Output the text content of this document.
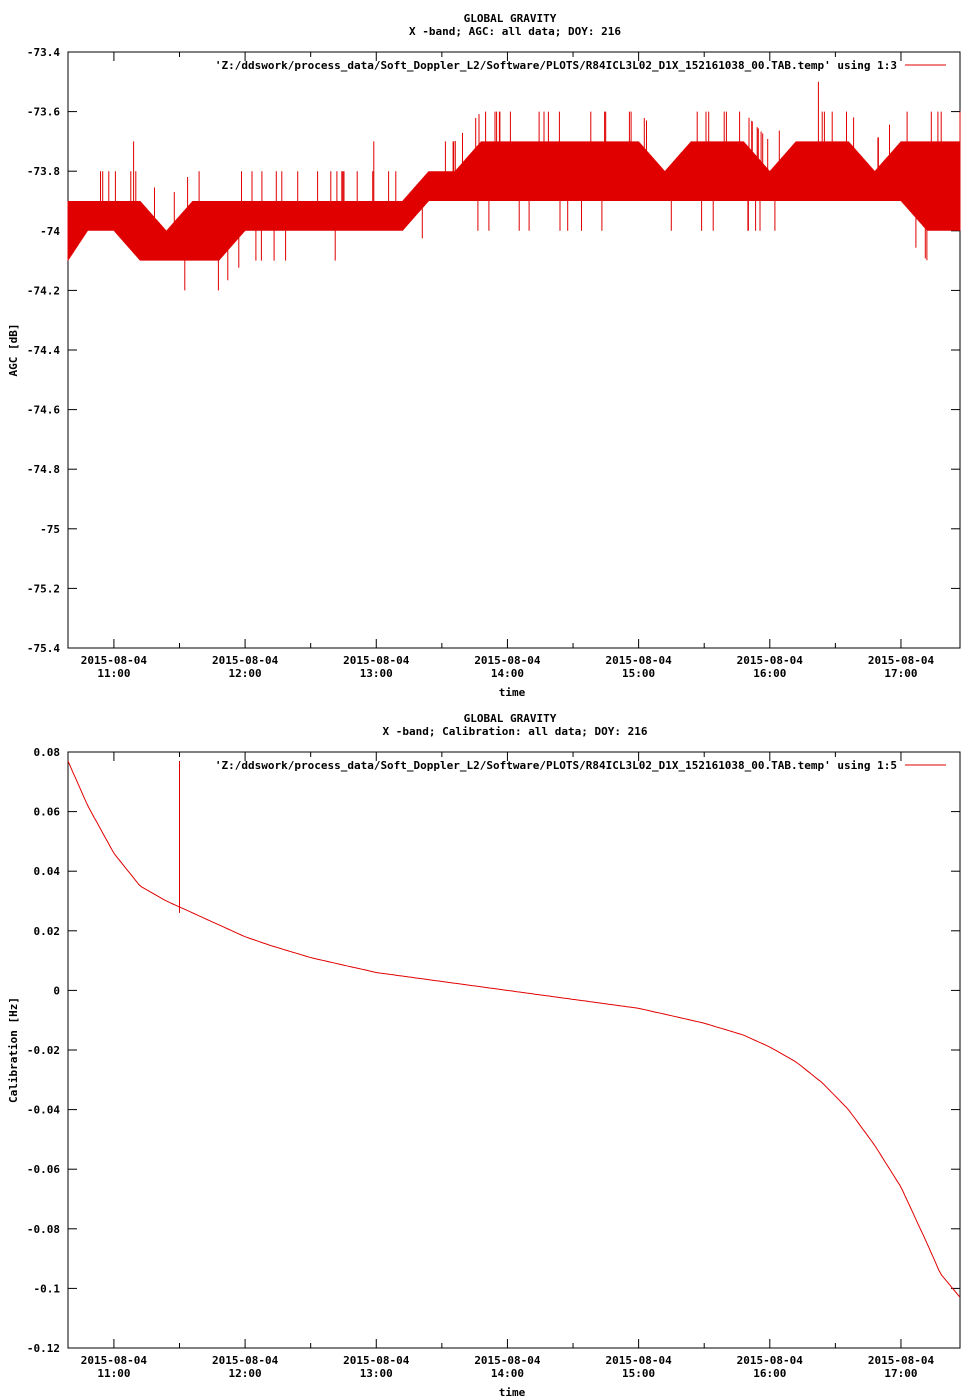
GLOBAL GRAVITY
X -band; AGC: all data; DOY: 216
-73.4
-73.6
-73.8
-74
-74.2
-74.4
-74.6
-74.8
-75
-75.2
-75.4
2015-08-04
11:00
2015-08-04
12:00
2015-08-04
13:00
2015-08-04
14:00
2015-08-04
15:00
2015-08-04
16:00
2015-08-04
17:00
time
AGC [dB]
'Z:/ddswork/process_data/Soft_Doppler_L2/Software/PLOTS/R84ICL3L02_D1X_152161038_00.TAB.temp' using 1:3
GLOBAL GRAVITY
X -band; Calibration: all data; DOY: 216
0.08
0.06
0.04
0.02
0
-0.02
-0.04
-0.06
-0.08
-0.1
-0.12
2015-08-04
11:00
2015-08-04
12:00
2015-08-04
13:00
2015-08-04
14:00
2015-08-04
15:00
2015-08-04
16:00
2015-08-04
17:00
time
Calibration [Hz]
'Z:/ddswork/process_data/Soft_Doppler_L2/Software/PLOTS/R84ICL3L02_D1X_152161038_00.TAB.temp' using 1:5
